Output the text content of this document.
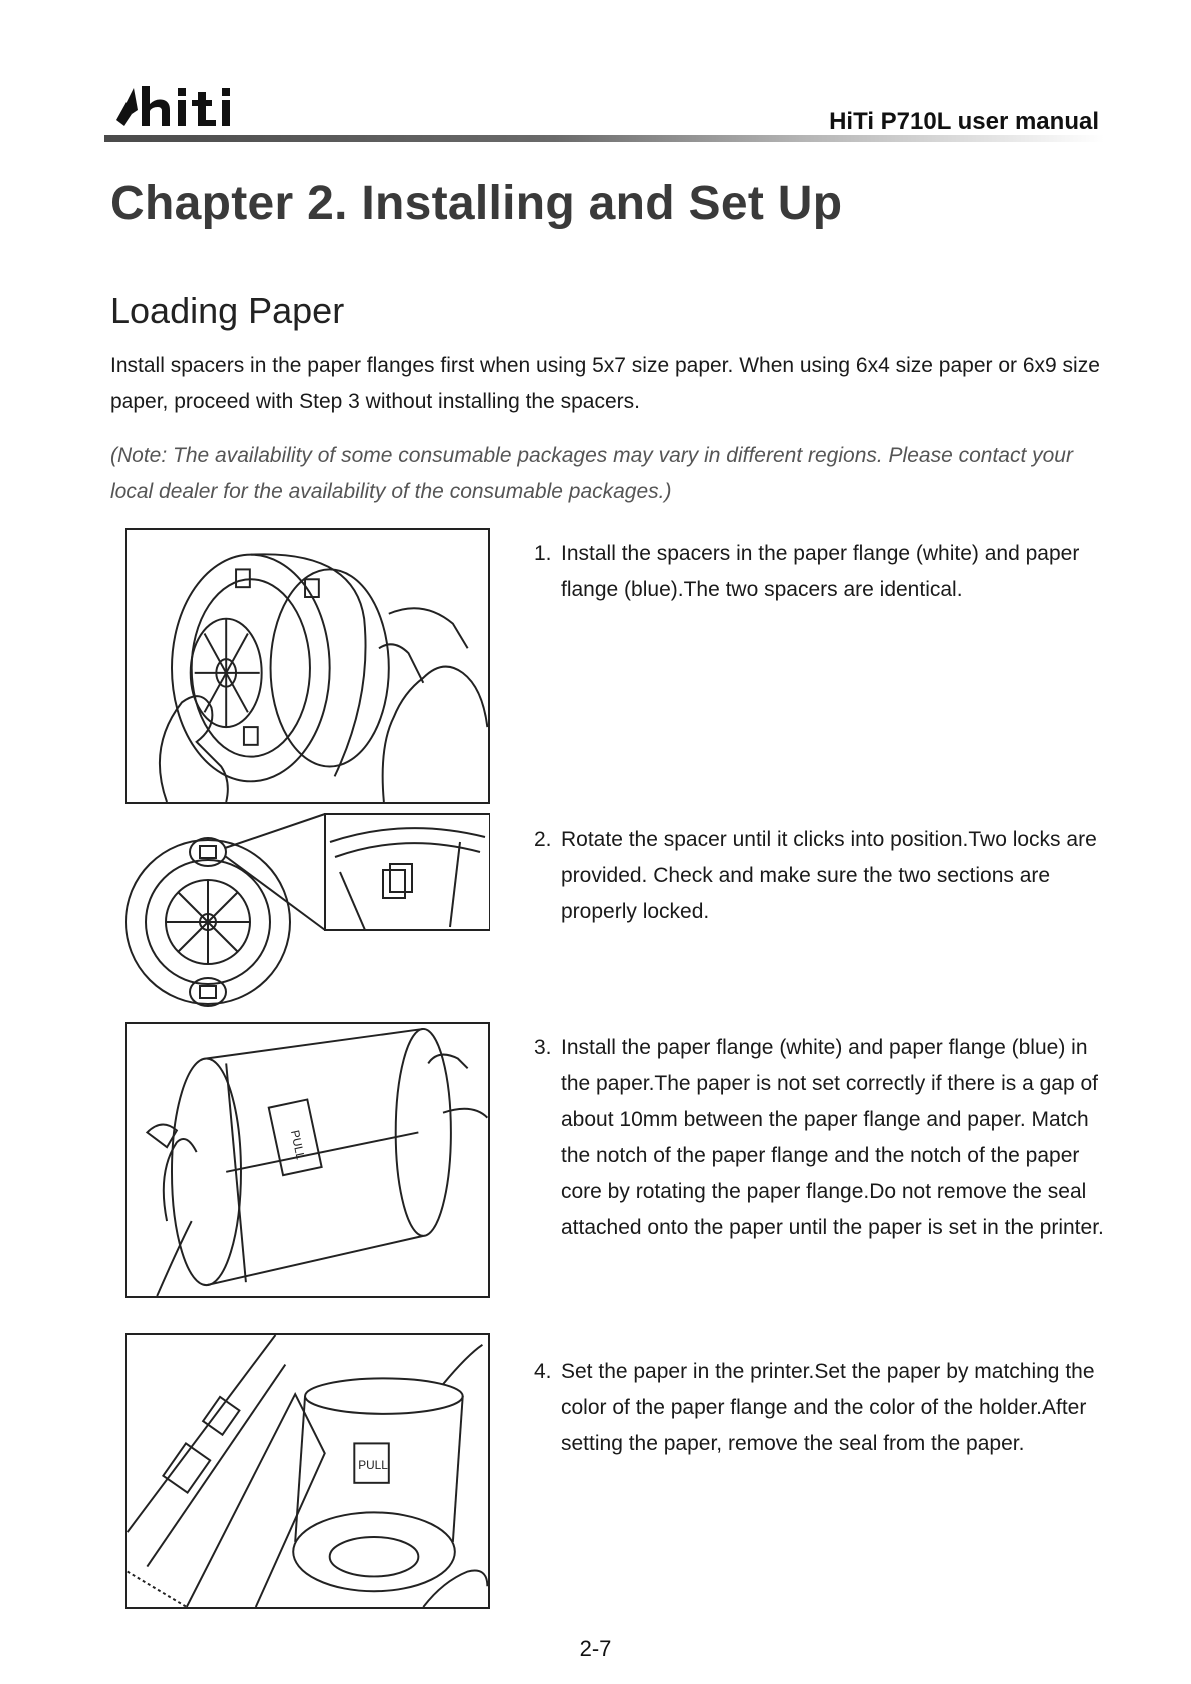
HiTi P710L user manual
Chapter 2. Installing and Set Up
Loading Paper

Install spacers in the paper flanges first when using 5x7 size paper. When using 6x4 size paper or 6x9 size paper, proceed with Step 3 without installing the spacers.

(Note: The availability of some consumable packages may vary in different regions. Please contact your local dealer for the availability of the consumable packages.)

PULL
PULL
1. Install the spacers in the paper flange (white) and paper flange (blue).The two spacers are identical.
2. Rotate the spacer until it clicks into position.Two locks are provided. Check and make sure the two sections are properly locked.
3. Install the paper flange (white) and paper flange (blue) in the paper.The paper is not set correctly if there is a gap of about 10mm between the paper flange and paper. Match the notch of the paper flange and the notch of the paper core by rotating the paper flange.Do not remove the seal attached onto the paper until the paper is set in the printer.
4. Set the paper in the printer.Set the paper by matching the color of the paper flange and the color of the holder.After setting the paper, remove the seal from the paper.
2-7
